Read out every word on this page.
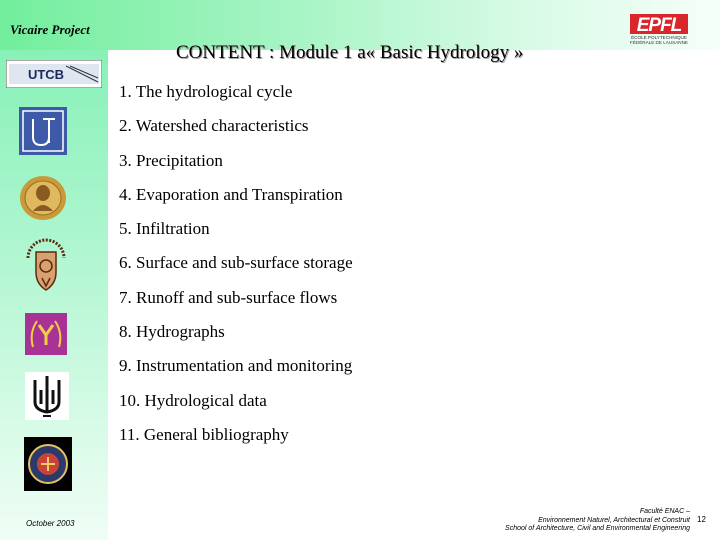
Vicaire Project	EPFL
ÉCOLE POLYTECHNIQUE
FÉDÉRALE DE LAUSANNE
CONTENT : Module 1 a« Basic Hydrology »
UTCB
1. The hydrological cycle
2. Watershed characteristics
3. Precipitation
4. Evaporation and Transpiration
5. Infiltration
6. Surface and sub-surface storage
7. Runoff and sub-surface flows
8. Hydrographs
9. Instrumentation and monitoring
10. Hydrological data
11. General bibliography
October 2003
Faculté ENAC –
Environnement Naturel, Architectural et Construit
School of Architecture, Civil and Environmental Engineering
12
